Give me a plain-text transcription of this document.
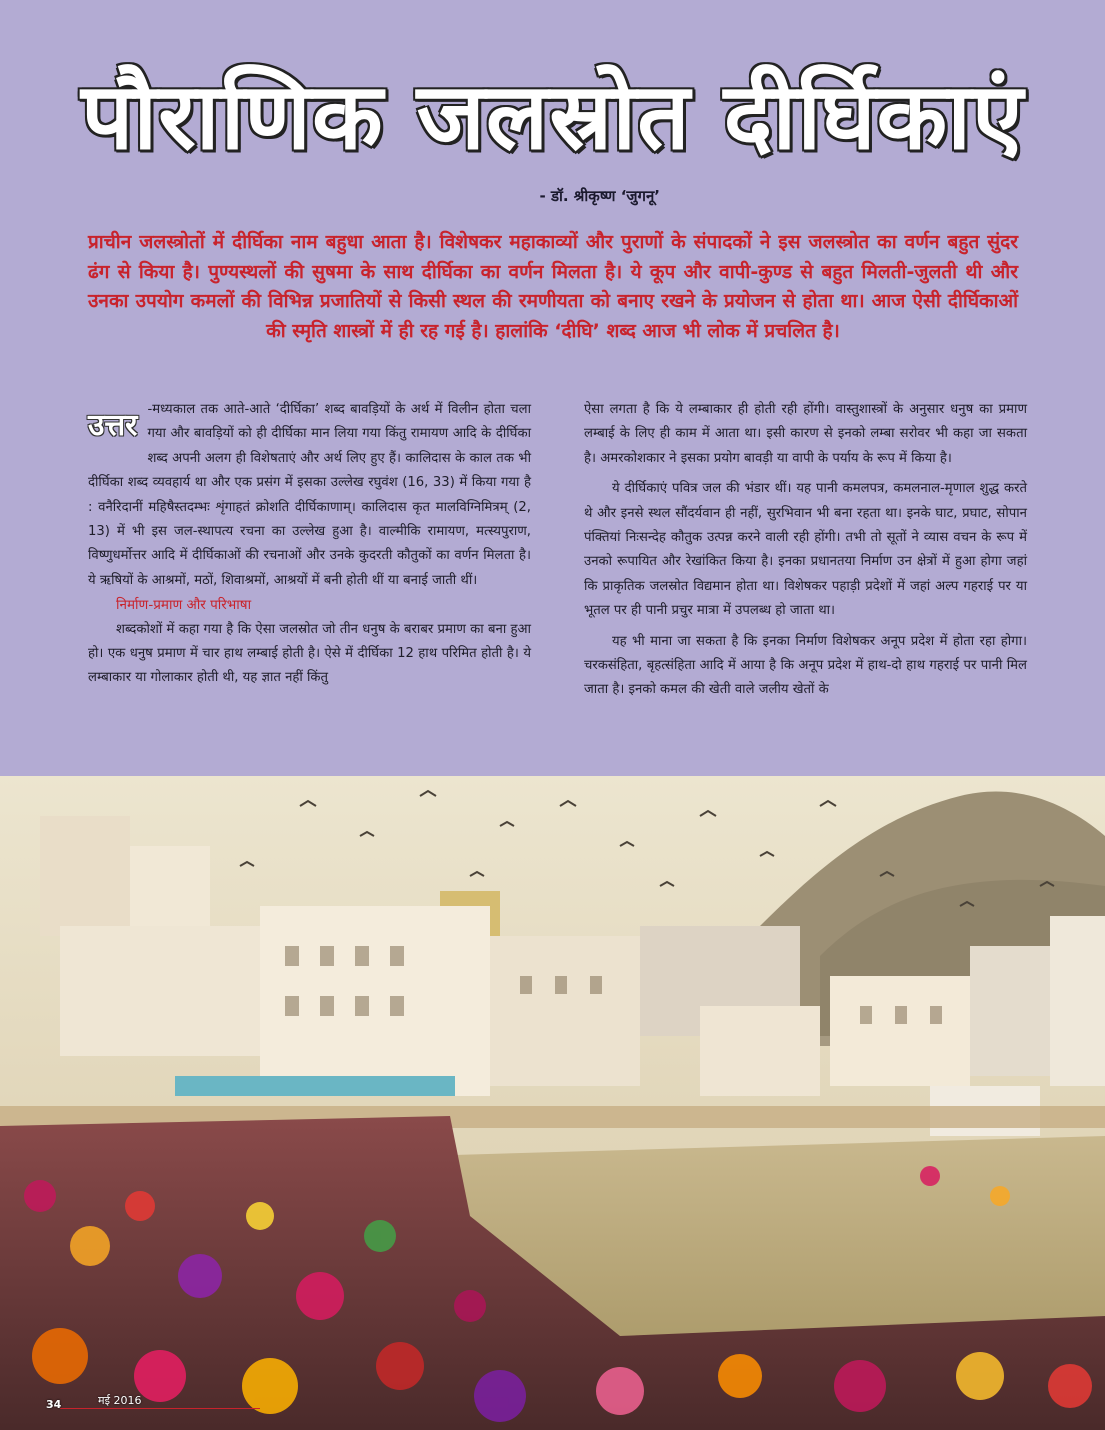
पौराणिक जलस्रोत दीर्घिकाएं
- डॉ. श्रीकृष्ण ‘जुगनू’
प्राचीन जलस्त्रोतों में दीर्घिका नाम बहुधा आता है। विशेषकर महाकाव्यों और पुराणों के संपादकों ने इस जलस्त्रोत का वर्णन बहुत सुंदर ढंग से किया है। पुण्यस्थलों की सुषमा के साथ दीर्घिका का वर्णन मिलता है। ये कूप और वापी-कुण्ड से बहुत मिलती-जुलती थी और उनका उपयोग कमलों की विभिन्न प्रजातियों से किसी स्थल की रमणीयता को बनाए रखने के प्रयोजन से होता था। आज ऐसी दीर्घिकाओं की स्मृति शास्त्रों में ही रह गई है। हालांकि ‘दीघि’ शब्द आज भी लोक में प्रचलित है।

उत्तर -मध्यकाल तक आते-आते ‘दीर्घिका’ शब्द बावड़ियों के अर्थ में विलीन होता चला गया और बावड़ियों को ही दीर्घिका मान लिया गया किंतु रामायण आदि के दीर्घिका शब्द अपनी अलग ही विशेषताएं और अर्थ लिए हुए हैं। कालिदास के काल तक भी दीर्घिका शब्द व्यवहार्य था और एक प्रसंग में इसका उल्लेख रघुवंश (16, 33) में किया गया है : वनैरिदानीं महिषैस्तदम्भः शृंगाहतं क्रोशति दीर्घिकाणाम्। कालिदास कृत मालविग्निमित्रम् (2, 13) में भी इस जल-स्थापत्य रचना का उल्लेख हुआ है। वाल्मीकि रामायण, मत्स्यपुराण, विष्णुधर्मोत्तर आदि में दीर्घिकाओं की रचनाओं और उनके कुदरती कौतुकों का वर्णन मिलता है। ये ऋषियों के आश्रमों, मठों, शिवाश्रमों, आश्रयों में बनी होती थीं या बनाई जाती थीं।

निर्माण-प्रमाण और परिभाषा

शब्दकोशों में कहा गया है कि ऐसा जलस्रोत जो तीन धनुष के बराबर प्रमाण का बना हुआ हो। एक धनुष प्रमाण में चार हाथ लम्बाई होती है। ऐसे में दीर्घिका 12 हाथ परिमित होती है। ये लम्बाकार या गोलाकार होती थी, यह ज्ञात नहीं किंतु

ऐसा लगता है कि ये लम्बाकार ही होती रही होंगी। वास्तुशास्त्रों के अनुसार धनुष का प्रमाण लम्बाई के लिए ही काम में आता था। इसी कारण से इनको लम्बा सरोवर भी कहा जा सकता है। अमरकोशकार ने इसका प्रयोग बावड़ी या वापी के पर्याय के रूप में किया है।

ये दीर्घिकाएं पवित्र जल की भंडार थीं। यह पानी कमलपत्र, कमलनाल-मृणाल शुद्ध करते थे और इनसे स्थल सौंदर्यवान ही नहीं, सुरभिवान भी बना रहता था। इनके घाट, प्रघाट, सोपान पंक्तियां निःसन्देह कौतुक उत्पन्न करने वाली रही होंगी। तभी तो सूतों ने व्यास वचन के रूप में उनको रूपायित और रेखांकित किया है। इनका प्रधानतया निर्माण उन क्षेत्रों में हुआ होगा जहां कि प्राकृतिक जलस्रोत विद्यमान होता था। विशेषकर पहाड़ी प्रदेशों में जहां अल्प गहराई पर या भूतल पर ही पानी प्रचुर मात्रा में उपलब्ध हो जाता था।

यह भी माना जा सकता है कि इनका निर्माण विशेषकर अनूप प्रदेश में होता रहा होगा। चरकसंहिता, बृहत्संहिता आदि में आया है कि अनूप प्रदेश में हाथ-दो हाथ गहराई पर पानी मिल जाता है। इनको कमल की खेती वाले जलीय खेतों के

34	मई 2016
